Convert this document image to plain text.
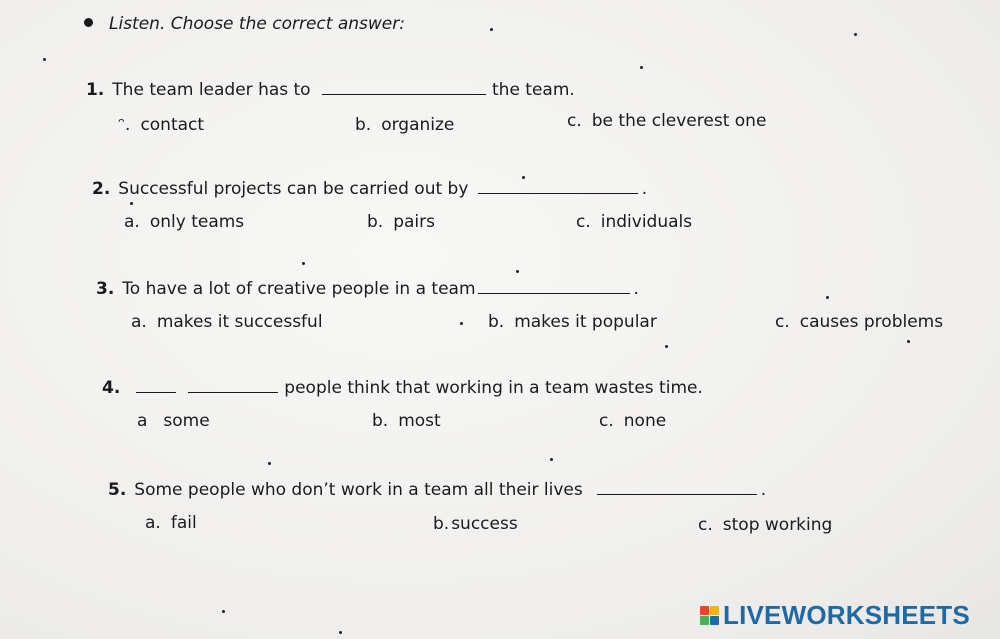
Listen. Choose the correct answer:
1. The team leader has to	the team.
ᵔ. contact	b. organize	c. be the cleverest one
2. Successful projects can be carried out by	.
a. only teams	b. pairs	c. individuals
3. To have a lot of creative people in a team	.
a. makes it successful	b. makes it popular	c. causes problems
4.	people think that working in a team wastes time.
a some	b. most	c. none
5. Some people who don’t work in a team all their lives	.
a. fail	b. success	c. stop working
LIVEWORKSHEETS
